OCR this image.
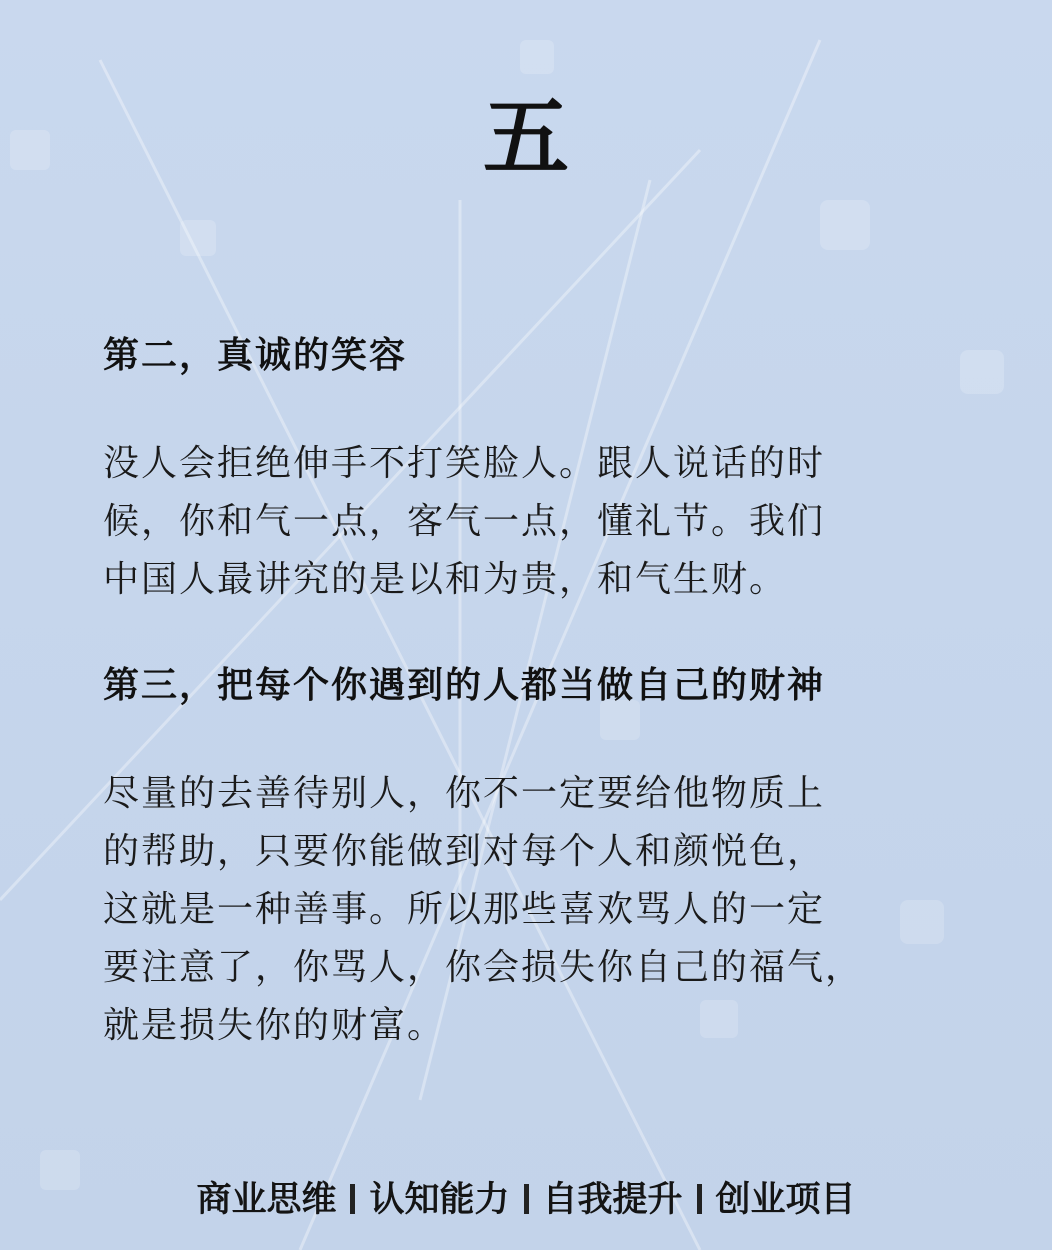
五
第二，真诚的笑容
没人会拒绝伸手不打笑脸人。跟人说话的时
候，你和气一点，客气一点，懂礼节。我们
中国人最讲究的是以和为贵，和气生财。
第三，把每个你遇到的人都当做自己的财神
尽量的去善待别人，你不一定要给他物质上
的帮助，只要你能做到对每个人和颜悦色，
这就是一种善事。所以那些喜欢骂人的一定
要注意了，你骂人，你会损失你自己的福气，
就是损失你的财富。
商业思维 认知能力 自我提升 创业项目
